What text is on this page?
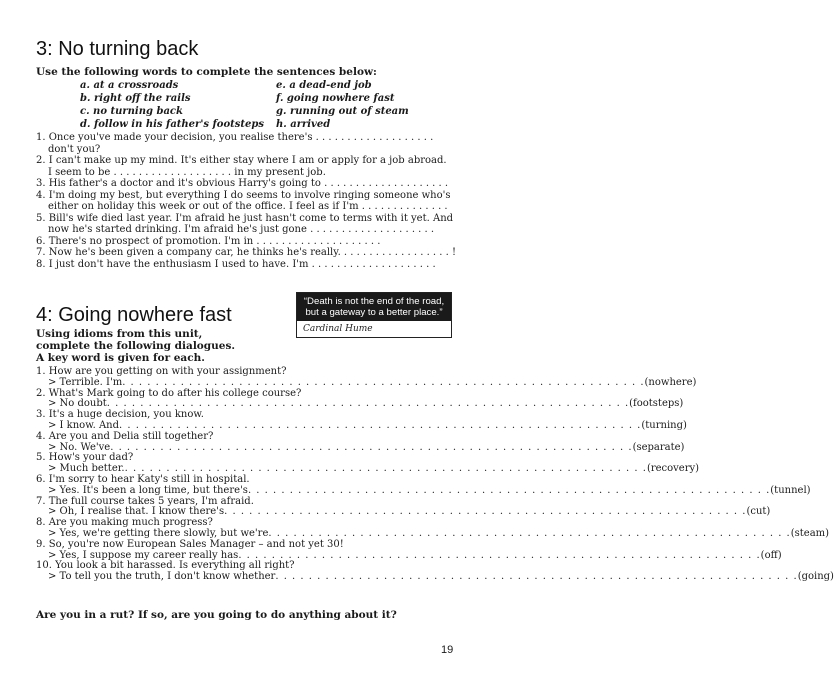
3: No turning back
Use the following words to complete the sentences below:
a. at a crossroads	e. a dead-end job
b. right off the rails	f. going nowhere fast
c. no turning back	g. running out of steam
d. follow in his father's footsteps h. arrived
1. Once you've made your decision, you realise there's . . . . . . . . . . . . . . . . . . .
don't you?
2. I can't make up my mind. It's either stay where I am or apply for a job abroad.
I seem to be . . . . . . . . . . . . . . . . . . . in my present job.
3. His father's a doctor and it's obvious Harry's going to . . . . . . . . . . . . . . . . . . . .
4. I'm doing my best, but everything I do seems to involve ringing someone who's
either on holiday this week or out of the office. I feel as if I'm . . . . . . . . . . . . . .
5. Bill's wife died last year. I'm afraid he just hasn't come to terms with it yet. And
now he's started drinking. I'm afraid he's just gone . . . . . . . . . . . . . . . . . . . .
6. There's no prospect of promotion. I'm in . . . . . . . . . . . . . . . . . . . .
7. Now he's been given a company car, he thinks he's really. . . . . . . . . . . . . . . . . . !
8. I just don't have the enthusiasm I used to have. I'm . . . . . . . . . . . . . . . . . . . .
4: Going nowhere fast
“Death is not the end of the road, but a gateway to a better place.”
Cardinal Hume
Using idioms from this unit, complete the following dialogues. A key word is given for each.
1. How are you getting on with your assignment?
> Terrible. I'm . . . . . . . . . . . . . . . . . . . . . . . . . . . . . . . . . . . . . . . . . . . . . . . . . . . . . . . . . . . . . . . (nowhere)
2. What's Mark going to do after his college course?
> No doubt . . . . . . . . . . . . . . . . . . . . . . . . . . . . . . . . . . . . . . . . . . . . . . . . . . . . . . . . . . . . . . . (footsteps)
3. It's a huge decision, you know.
> I know. And . . . . . . . . . . . . . . . . . . . . . . . . . . . . . . . . . . . . . . . . . . . . . . . . . . . . . . . . . . . . . . . (turning)
4. Are you and Delia still together?
> No. We've . . . . . . . . . . . . . . . . . . . . . . . . . . . . . . . . . . . . . . . . . . . . . . . . . . . . . . . . . . . . . . . (separate)
5. How's your dad?
> Much better. . . . . . . . . . . . . . . . . . . . . . . . . . . . . . . . . . . . . . . . . . . . . . . . . . . . . . . . . . . . . . . . (recovery)
6. I'm sorry to hear Katy's still in hospital.
> Yes. It's been a long time, but there's . . . . . . . . . . . . . . . . . . . . . . . . . . . . . . . . . . . . . . . . . . . . . . . . . . . . . . . . . . . . . . . (tunnel)
7. The full course takes 5 years, I'm afraid.
> Oh, I realise that. I know there's . . . . . . . . . . . . . . . . . . . . . . . . . . . . . . . . . . . . . . . . . . . . . . . . . . . . . . . . . . . . . . . (cut)
8. Are you making much progress?
> Yes, we're getting there slowly, but we're . . . . . . . . . . . . . . . . . . . . . . . . . . . . . . . . . . . . . . . . . . . . . . . . . . . . . . . . . . . . . . . (steam)
9. So, you're now European Sales Manager – and not yet 30!
> Yes, I suppose my career really has . . . . . . . . . . . . . . . . . . . . . . . . . . . . . . . . . . . . . . . . . . . . . . . . . . . . . . . . . . . . . . . (off)
10. You look a bit harassed. Is everything all right?
> To tell you the truth, I don't know whether . . . . . . . . . . . . . . . . . . . . . . . . . . . . . . . . . . . . . . . . . . . . . . . . . . . . . . . . . . . . . . . (going)
Are you in a rut? If so, are you going to do anything about it?
19
